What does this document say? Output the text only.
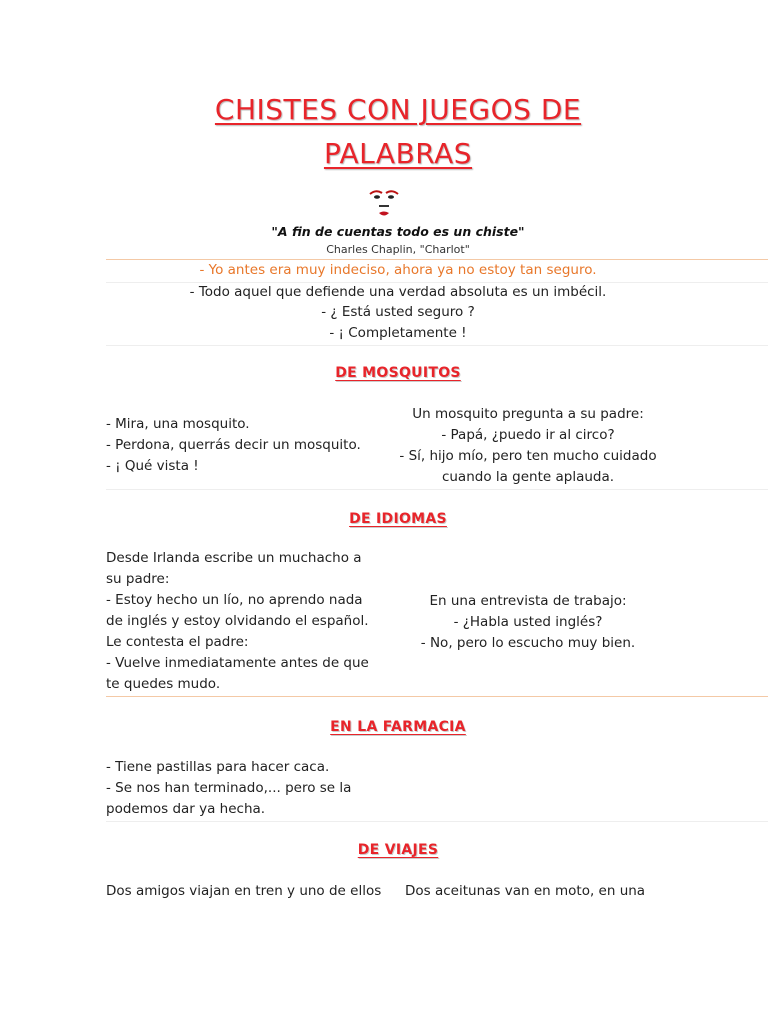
CHISTES CON JUEGOS DE
PALABRAS
"A fin de cuentas todo es un chiste"
Charles Chaplin, "Charlot"
- Yo antes era muy indeciso, ahora ya no estoy tan seguro.
- Todo aquel que defiende una verdad absoluta es un imbécil.
- ¿ Está usted seguro ?
- ¡ Completamente !
DE MOSQUITOS
- Mira, una mosquito.
- Perdona, querrás decir un mosquito.
- ¡ Qué vista !
Un mosquito pregunta a su padre:
- Papá, ¿puedo ir al circo?
- Sí, hijo mío, pero ten mucho cuidado
cuando la gente aplauda.
DE IDIOMAS
Desde Irlanda escribe un muchacho a
su padre:
- Estoy hecho un lío, no aprendo nada
de inglés y estoy olvidando el español.
Le contesta el padre:
- Vuelve inmediatamente antes de que
te quedes mudo.
En una entrevista de trabajo:
- ¿Habla usted inglés?
- No, pero lo escucho muy bien.
EN LA FARMACIA
- Tiene pastillas para hacer caca.
- Se nos han terminado,... pero se la
podemos dar ya hecha.
DE VIAJES
Dos amigos viajan en tren y uno de ellos	Dos aceitunas van en moto, en una
